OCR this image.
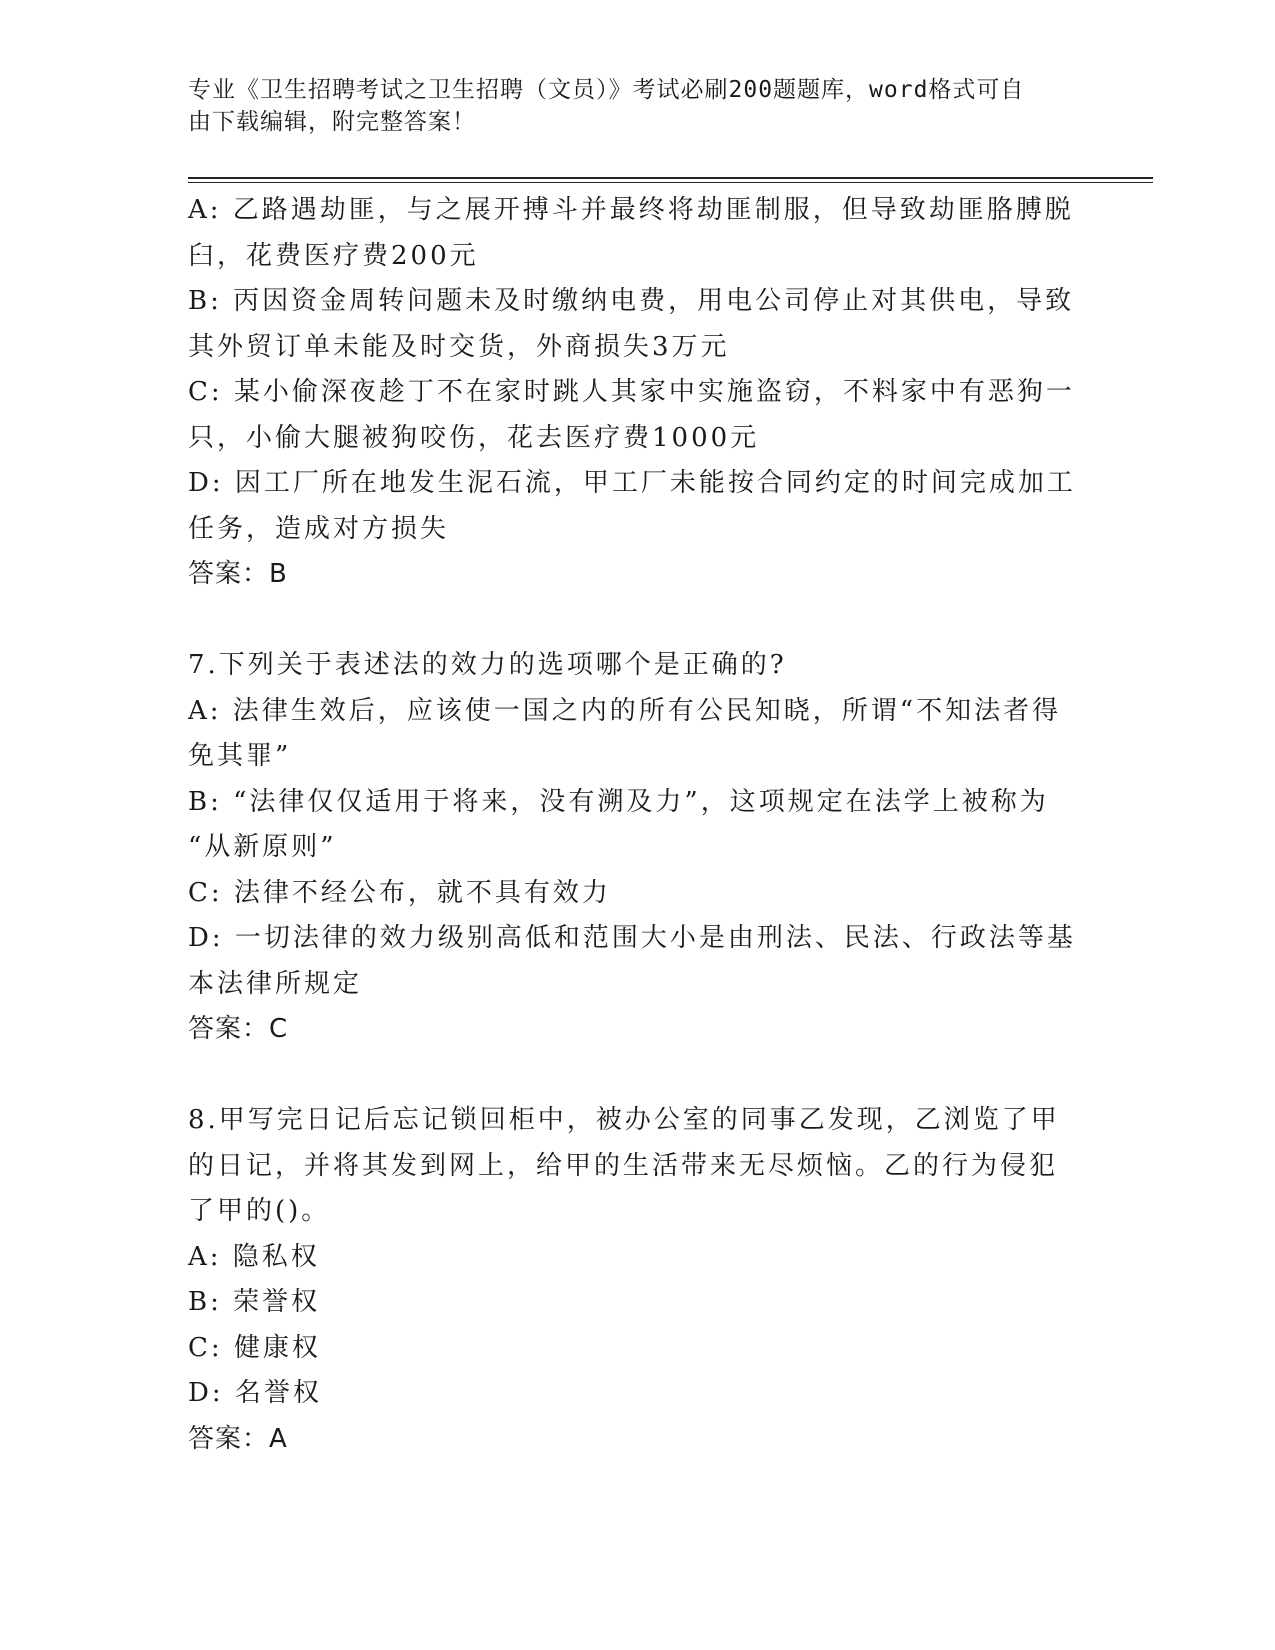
专业《卫生招聘考试之卫生招聘（文员）》考试必刷200题题库，word格式可自
由下载编辑，附完整答案！

A: 乙路遇劫匪，与之展开搏斗并最终将劫匪制服，但导致劫匪胳膊脱

臼，花费医疗费200元

B: 丙因资金周转问题未及时缴纳电费，用电公司停止对其供电，导致

其外贸订单未能及时交货，外商损失3万元

C: 某小偷深夜趁丁不在家时跳人其家中实施盗窃，不料家中有恶狗一

只，小偷大腿被狗咬伤，花去医疗费1000元

D: 因工厂所在地发生泥石流，甲工厂未能按合同约定的时间完成加工

任务，造成对方损失

答案：B

7.下列关于表述法的效力的选项哪个是正确的?

A: 法律生效后，应该使一国之内的所有公民知晓，所谓“不知法者得

免其罪”

B: “法律仅仅适用于将来，没有溯及力”，这项规定在法学上被称为

“从新原则”

C: 法律不经公布，就不具有效力

D: 一切法律的效力级别高低和范围大小是由刑法、民法、行政法等基

本法律所规定

答案：C

8.甲写完日记后忘记锁回柜中，被办公室的同事乙发现，乙浏览了甲

的日记，并将其发到网上，给甲的生活带来无尽烦恼。乙的行为侵犯

了甲的()。

A: 隐私权

B: 荣誉权

C: 健康权

D: 名誉权

答案：A
